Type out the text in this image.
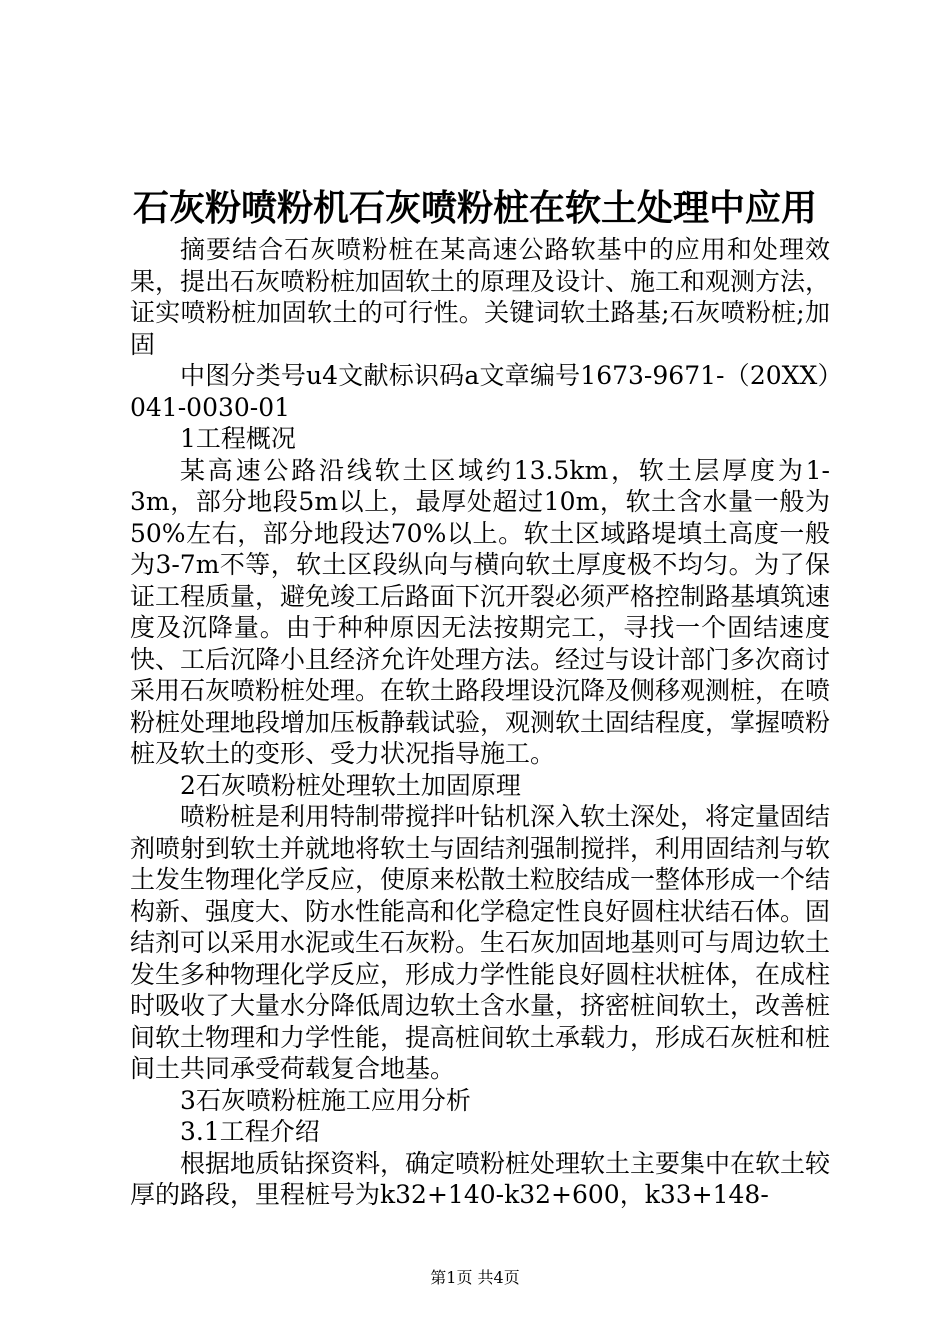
石灰粉喷粉机石灰喷粉桩在软土处理中应用

摘要结合石灰喷粉桩在某高速公路软基中的应用和处理效果，提出石灰喷粉桩加固软土的原理及设计、施工和观测方法，证实喷粉桩加固软土的可行性。关键词软土路基;石灰喷粉桩;加固

中图分类号u4文献标识码a文章编号1673-9671-（20XX）041-0030-01

1工程概况

某高速公路沿线软土区域约13.5km，软土层厚度为1-3m，部分地段5m以上，最厚处超过10m，软土含水量一般为50%左右，部分地段达70%以上。软土区域路堤填土高度一般为3-7m不等，软土区段纵向与横向软土厚度极不均匀。为了保证工程质量，避免竣工后路面下沉开裂必须严格控制路基填筑速度及沉降量。由于种种原因无法按期完工，寻找一个固结速度快、工后沉降小且经济允许处理方法。经过与设计部门多次商讨采用石灰喷粉桩处理。在软土路段埋设沉降及侧移观测桩，在喷粉桩处理地段增加压板静载试验，观测软土固结程度，掌握喷粉桩及软土的变形、受力状况指导施工。

2石灰喷粉桩处理软土加固原理

喷粉桩是利用特制带搅拌叶钻机深入软土深处，将定量固结剂喷射到软土并就地将软土与固结剂强制搅拌，利用固结剂与软土发生物理化学反应，使原来松散土粒胶结成一整体形成一个结构新、强度大、防水性能高和化学稳定性良好圆柱状结石体。固结剂可以采用水泥或生石灰粉。生石灰加固地基则可与周边软土发生多种物理化学反应，形成力学性能良好圆柱状桩体，在成柱时吸收了大量水分降低周边软土含水量，挤密桩间软土，改善桩间软土物理和力学性能，提高桩间软土承载力，形成石灰桩和桩间土共同承受荷载复合地基。

3石灰喷粉桩施工应用分析

3.1工程介绍

根据地质钻探资料，确定喷粉桩处理软土主要集中在软土较厚的路段，里程桩号为k32+140-k32+600，k33+148-

第1页 共4页
